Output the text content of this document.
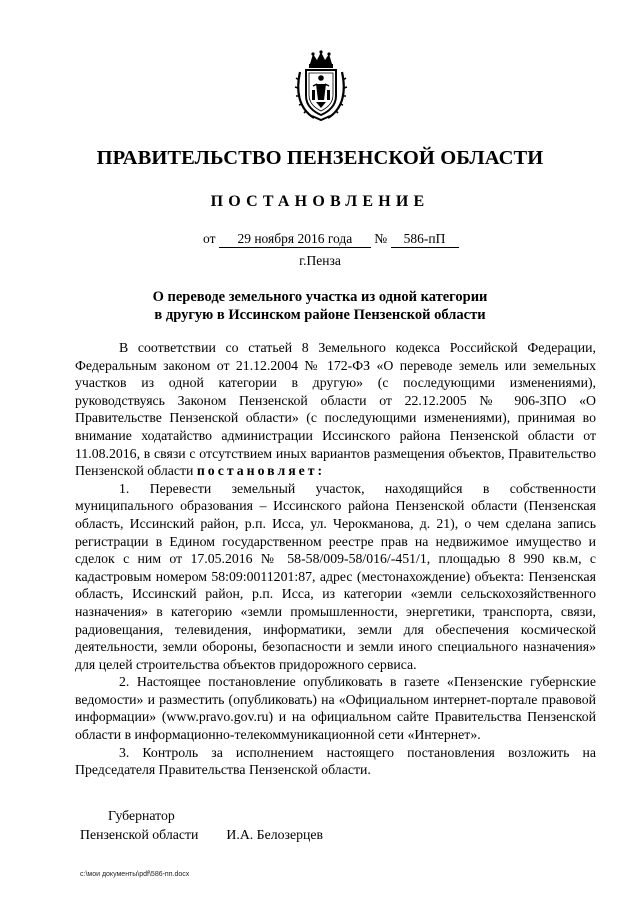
ПРАВИТЕЛЬСТВО ПЕНЗЕНСКОЙ ОБЛАСТИ
ПОСТАНОВЛЕНИЕ
от 29 ноября 2016 года № 586-пП
г.Пенза
О переводе земельного участка из одной категории
в другую в Иссинском районе Пензенской области

В соответствии со статьей 8 Земельного кодекса Российской Федерации, Федеральным законом от 21.12.2004 № 172-ФЗ «О переводе земель или земельных участков из одной категории в другую» (с последующими изменениями), руководствуясь Законом Пензенской области от 22.12.2005 № 906-ЗПО «О Правительстве Пензенской области» (с последующими изменениями), принимая во внимание ходатайство администрации Иссинского района Пензенской области от 11.08.2016, в связи с отсутствием иных вариантов размещения объектов, Правительство Пензенской области постановляет:

1. Перевести земельный участок, находящийся в собственности муниципального образования – Иссинского района Пензенской области (Пензенская область, Иссинский район, р.п. Исса, ул. Черокманова, д. 21), о чем сделана запись регистрации в Едином государственном реестре прав на недвижимое имущество и сделок с ним от 17.05.2016 № 58-58/009-58/016/-451/1, площадью 8 990 кв.м, с кадастровым номером 58:09:0011201:87, адрес (местонахождение) объекта: Пензенская область, Иссинский район, р.п. Исса, из категории «земли сельскохозяйственного назначения» в категорию «земли промышленности, энергетики, транспорта, связи, радиовещания, телевидения, информатики, земли для обеспечения космической деятельности, земли обороны, безопасности и земли иного специального назначения» для целей строительства объектов придорожного сервиса.

2. Настоящее постановление опубликовать в газете «Пензенские губернские ведомости» и разместить (опубликовать) на «Официальном интернет-портале правовой информации» (www.pravo.gov.ru) и на официальном сайте Правительства Пензенской области в информационно-телекоммуникационной сети «Интернет».

3. Контроль за исполнением настоящего постановления возложить на Председателя Правительства Пензенской области.

Губернатор
Пензенской области И.А. Белозерцев
c:\мои документы\pdf\586-пп.docx
